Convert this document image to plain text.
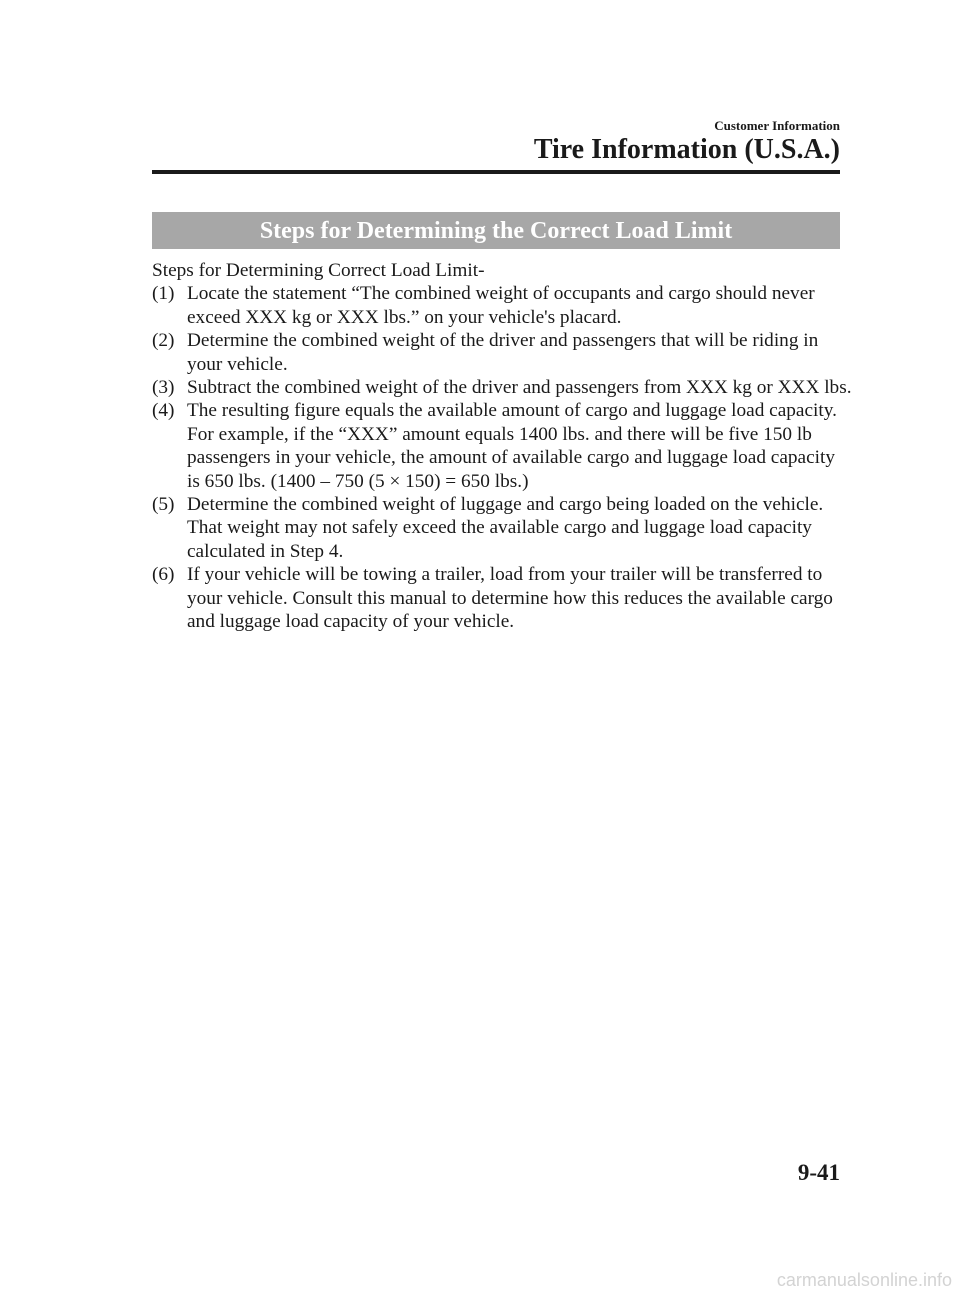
Customer Information
Tire Information (U.S.A.)
Steps for Determining the Correct Load Limit

Steps for Determining Correct Load Limit-

(1) Locate the statement “The combined weight of occupants and cargo should never exceed XXX kg or XXX lbs.” on your vehicle's placard.
(2) Determine the combined weight of the driver and passengers that will be riding in your vehicle.
(3) Subtract the combined weight of the driver and passengers from XXX kg or XXX lbs.
(4) The resulting figure equals the available amount of cargo and luggage load capacity. For example, if the “XXX” amount equals 1400 lbs. and there will be five 150 lb passengers in your vehicle, the amount of available cargo and luggage load capacity is 650 lbs. (1400 – 750 (5 × 150) = 650 lbs.)
(5) Determine the combined weight of luggage and cargo being loaded on the vehicle. That weight may not safely exceed the available cargo and luggage load capacity calculated in Step 4.
(6) If your vehicle will be towing a trailer, load from your trailer will be transferred to your vehicle. Consult this manual to determine how this reduces the available cargo and luggage load capacity of your vehicle.
9-41
carmanualsonline.info
